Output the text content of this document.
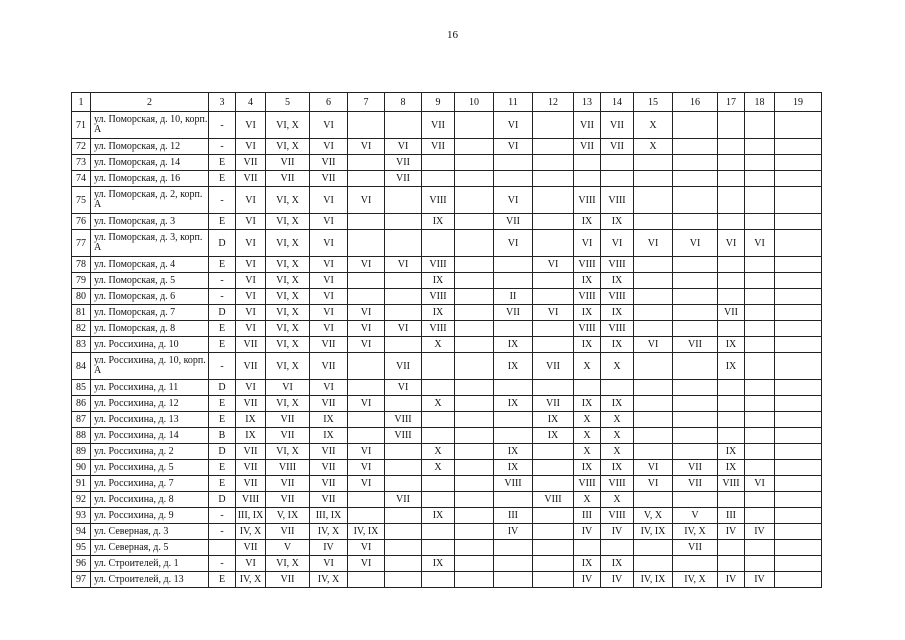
16
1	2	3	4	5	6	7	8	9	10	11	12	13	14	15	16	17	18	19
71	ул. Поморская, д. 10, корп. А	-	VI	VI, X	VI			VII		VI		VII	VII	X				
72	ул. Поморская, д. 12	-	VI	VI, X	VI	VI	VI	VII		VI		VII	VII	X				
73	ул. Поморская, д. 14	E	VII	VII	VII		VII											
74	ул. Поморская, д. 16	E	VII	VII	VII		VII											
75	ул. Поморская, д. 2, корп. А	-	VI	VI, X	VI	VI		VIII		VI		VIII	VIII					
76	ул. Поморская, д. 3	E	VI	VI, X	VI			IX		VII		IX	IX					
77	ул. Поморская, д. 3, корп. А	D	VI	VI, X	VI					VI		VI	VI	VI	VI	VI	VI	
78	ул. Поморская, д. 4	E	VI	VI, X	VI	VI	VI	VIII			VI	VIII	VIII					
79	ул. Поморская, д. 5	-	VI	VI, X	VI			IX				IX	IX					
80	ул. Поморская, д. 6	-	VI	VI, X	VI			VIII		II		VIII	VIII					
81	ул. Поморская, д. 7	D	VI	VI, X	VI	VI		IX		VII	VI	IX	IX			VII		
82	ул. Поморская, д. 8	E	VI	VI, X	VI	VI	VI	VIII				VIII	VIII					
83	ул. Россихина, д. 10	E	VII	VI, X	VII	VI		X		IX		IX	IX	VI	VII	IX		
84	ул. Россихина, д. 10, корп. А	-	VII	VI, X	VII		VII			IX	VII	X	X			IX		
85	ул. Россихина, д. 11	D	VI	VI	VI		VI											
86	ул. Россихина, д. 12	E	VII	VI, X	VII	VI		X		IX	VII	IX	IX					
87	ул. Россихина, д. 13	E	IX	VII	IX		VIII				IX	X	X					
88	ул. Россихина, д. 14	B	IX	VII	IX		VIII				IX	X	X					
89	ул. Россихина, д. 2	D	VII	VI, X	VII	VI		X		IX		X	X			IX		
90	ул. Россихина, д. 5	E	VII	VIII	VII	VI		X		IX		IX	IX	VI	VII	IX		
91	ул. Россихина, д. 7	E	VII	VII	VII	VI				VIII		VIII	VIII	VI	VII	VIII	VI	
92	ул. Россихина, д. 8	D	VIII	VII	VII		VII				VIII	X	X					
93	ул. Россихина, д. 9	-	III, IX	V, IX	III, IX			IX		III		III	VIII	V, X	V	III		
94	ул. Северная, д. 3	-	IV, X	VII	IV, X	IV, IX				IV		IV	IV	IV, IX	IV, X	IV	IV	
95	ул. Северная, д. 5		VII	V	IV	VI									VII			
96	ул. Строителей, д. 1	-	VI	VI, X	VI	VI		IX				IX	IX					
97	ул. Строителей, д. 13	E	IV, X	VII	IV, X							IV	IV	IV, IX	IV, X	IV	IV	
